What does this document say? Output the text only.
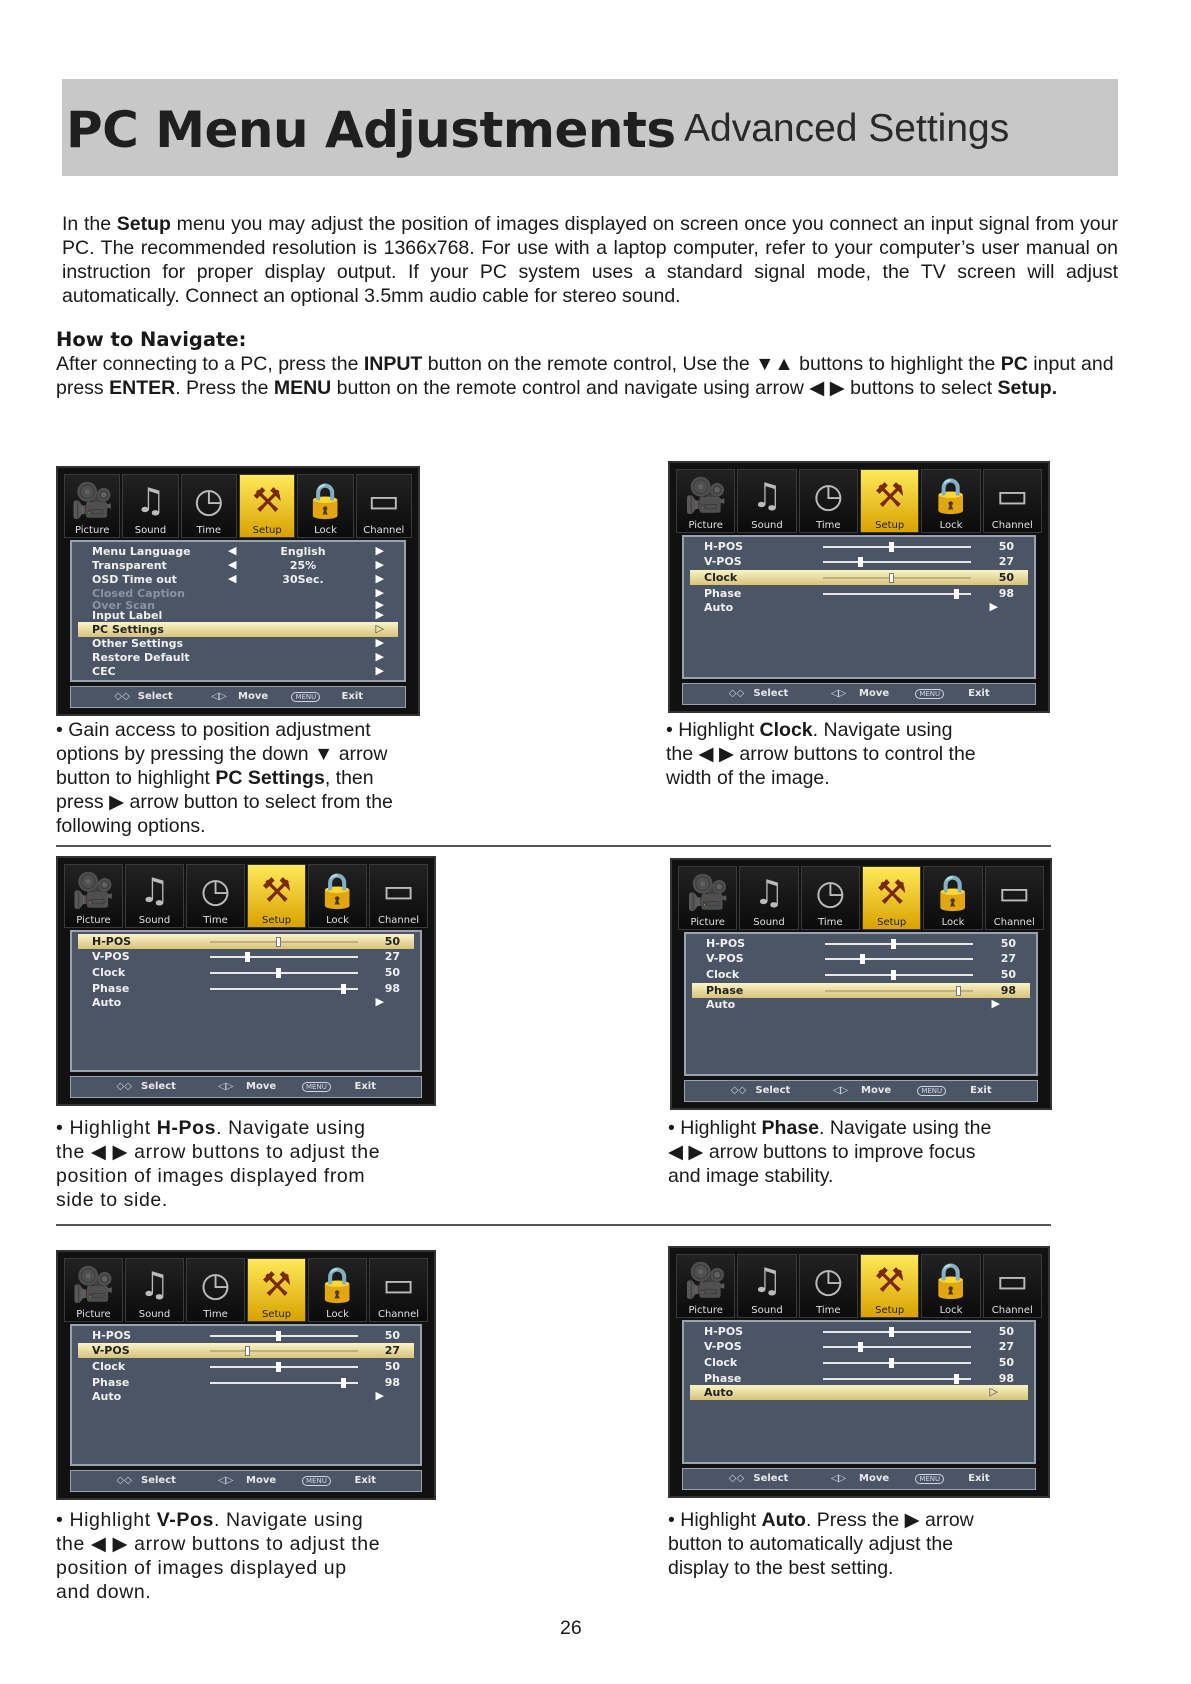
PC Menu Adjustments Advanced Settings
In the Setup menu you may adjust the position of images displayed on screen once you connect an input signal from your PC. The recommended resolution is 1366x768. For use with a laptop computer, refer to your computer’s user manual on instruction for proper display output. If your PC system uses a standard signal mode, the TV screen will adjust automatically. Connect an optional 3.5mm audio cable for stereo sound.
How to Navigate:
After connecting to a PC, press the INPUT button on the remote control, Use the ▼▲ buttons to highlight the PC input and press ENTER. Press the MENU button on the remote control and navigate using arrow ◀ ▶ buttons to select Setup.
🎥
Picture
♫
Sound
◷
Time
⚒
Setup
🔒
Lock
▭
Channel
Menu Language	◀	English	▶
Transparent	◀	25%	▶
OSD Time out	◀	30Sec.	▶
Closed Caption	▶
Over Scan	▶
Input Label	▶
PC Settings	▷
Other Settings	▶
Restore Default	▶
CEC	▶
◇◇ Select	◁▷ Move	MENU	Exit
🎥
Picture
♫
Sound
◷
Time
⚒
Setup
🔒
Lock
▭
Channel
H-POS	50
V-POS	27
Clock	50
Phase	98
Auto	▶
◇◇ Select	◁▷ Move	MENU	Exit
🎥
Picture
♫
Sound
◷
Time
⚒
Setup
🔒
Lock
▭
Channel
H-POS	50
V-POS	27
Clock	50
Phase	98
Auto	▶
◇◇ Select	◁▷ Move	MENU	Exit
🎥
Picture
♫
Sound
◷
Time
⚒
Setup
🔒
Lock
▭
Channel
H-POS	50
V-POS	27
Clock	50
Phase	98
Auto	▶
◇◇ Select	◁▷ Move	MENU	Exit
🎥
Picture
♫
Sound
◷
Time
⚒
Setup
🔒
Lock
▭
Channel
H-POS	50
V-POS	27
Clock	50
Phase	98
Auto	▶
◇◇ Select	◁▷ Move	MENU	Exit
🎥
Picture
♫
Sound
◷
Time
⚒
Setup
🔒
Lock
▭
Channel
H-POS	50
V-POS	27
Clock	50
Phase	98
Auto	▷
◇◇ Select	◁▷ Move	MENU	Exit
• Gain access to position adjustment options by pressing the down ▼ arrow button to highlight PC Settings, then press ▶ arrow button to select from the following options.
• Highlight Clock. Navigate using the ◀ ▶ arrow buttons to control the width of the image.
• Highlight H-Pos. Navigate using the ◀ ▶ arrow buttons to adjust the position of images displayed from side to side.
• Highlight Phase. Navigate using the ◀ ▶ arrow buttons to improve focus and image stability.
• Highlight V-Pos. Navigate using the ◀ ▶ arrow buttons to adjust the position of images displayed up and down.
• Highlight Auto. Press the ▶ arrow button to automatically adjust the display to the best setting.
26
